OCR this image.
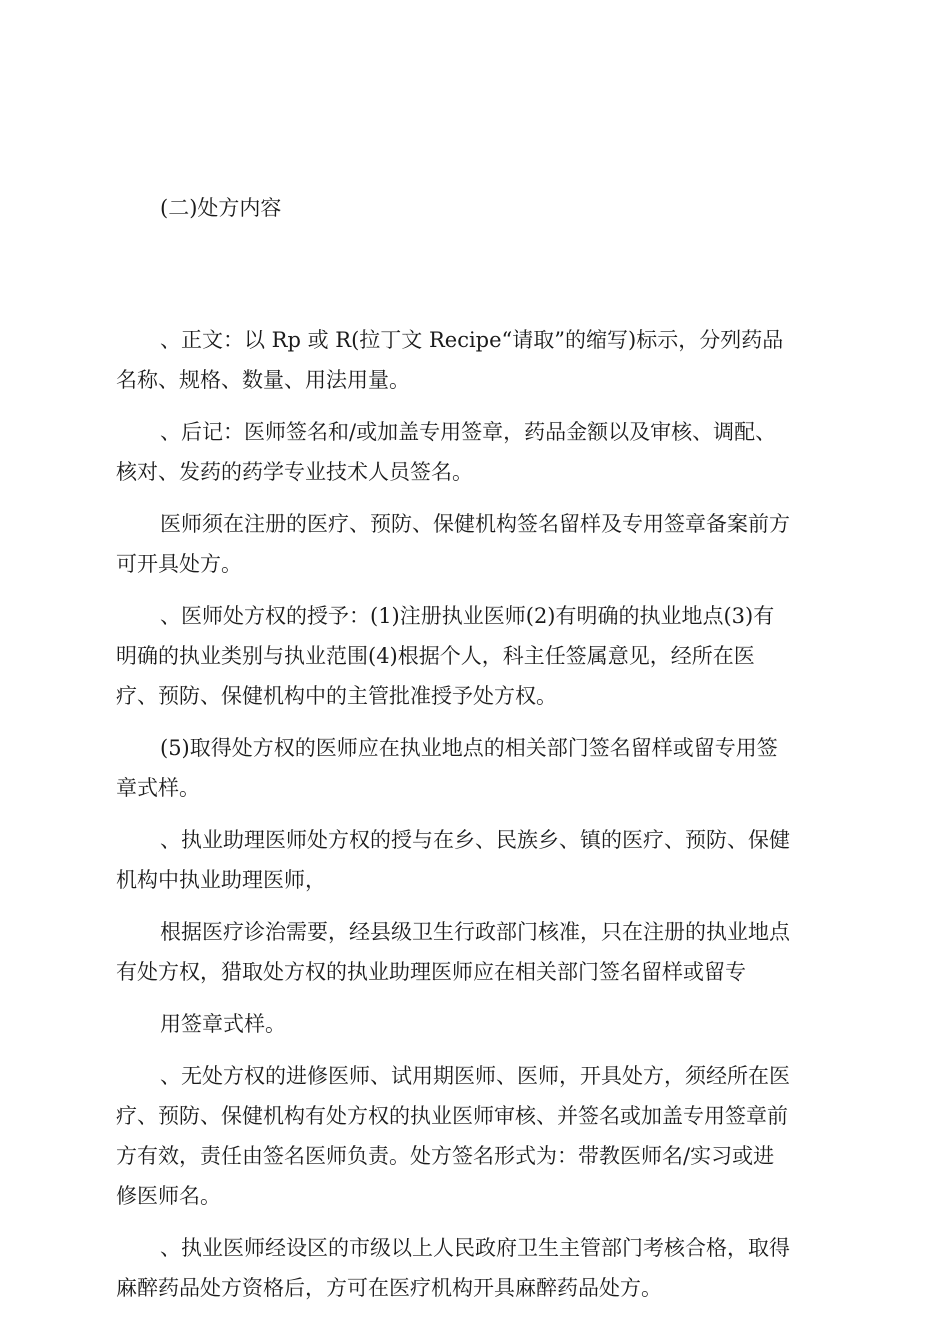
(二)处方内容

、正文：以 Rp 或 R(拉丁文 Recipe“请取”的缩写)标示，分列药品
名称、规格、数量、用法用量。

、后记：医师签名和/或加盖专用签章，药品金额以及审核、调配、
核对、发药的药学专业技术人员签名。

医师须在注册的医疗、预防、保健机构签名留样及专用签章备案前方
可开具处方。

、医师处方权的授予：(1)注册执业医师(2)有明确的执业地点(3)有
明确的执业类别与执业范围(4)根据个人，科主任签属意见，经所在医
疗、预防、保健机构中的主管批准授予处方权。

(5)取得处方权的医师应在执业地点的相关部门签名留样或留专用签
章式样。

、执业助理医师处方权的授与在乡、民族乡、镇的医疗、预防、保健
机构中执业助理医师，

根据医疗诊治需要，经县级卫生行政部门核准，只在注册的执业地点
有处方权，猎取处方权的执业助理医师应在相关部门签名留样或留专

用签章式样。

、无处方权的进修医师、试用期医师、医师，开具处方，须经所在医
疗、预防、保健机构有处方权的执业医师审核、并签名或加盖专用签章前
方有效，责任由签名医师负责。处方签名形式为：带教医师名/实习或进
修医师名。

、执业医师经设区的市级以上人民政府卫生主管部门考核合格，取得
麻醉药品处方资格后，方可在医疗机构开具麻醉药品处方。
